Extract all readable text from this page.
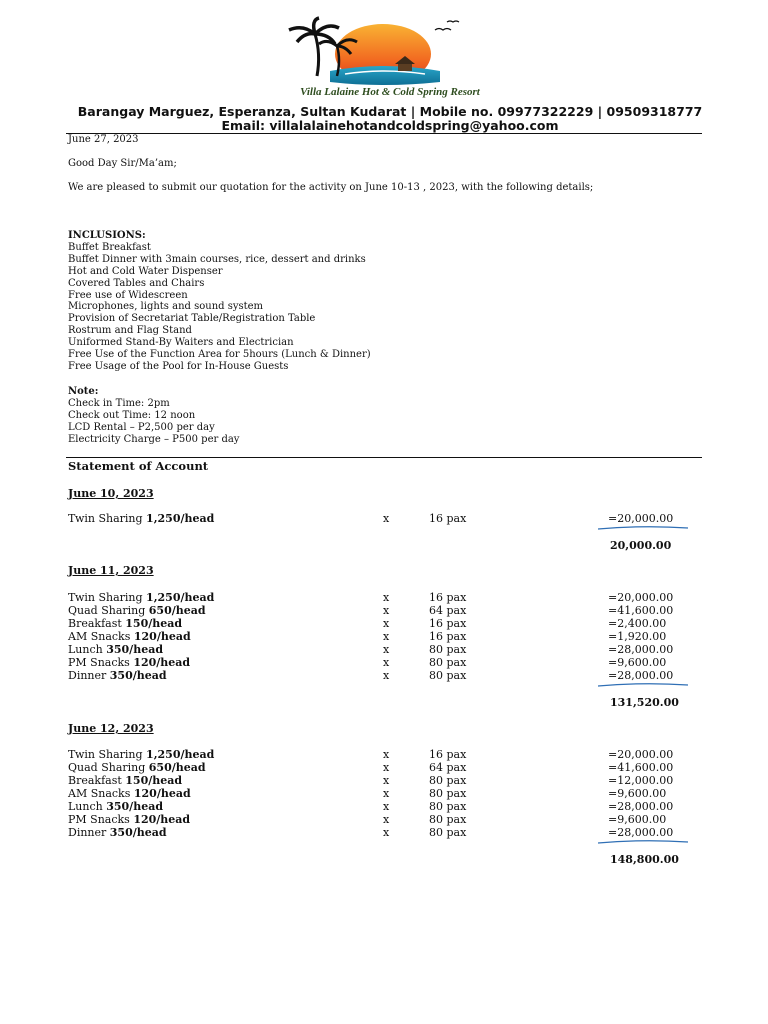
Villa Lalaine Hot & Cold Spring Resort
Barangay Marguez, Esperanza, Sultan Kudarat | Mobile no. 09977322229 | 09509318777
Email: villalalainehotandcoldspring@yahoo.com
June 27, 2023
Good Day Sir/Ma’am;
We are pleased to submit our quotation for the activity on June 10-13 , 2023, with the following details;
INCLUSIONS:
Buffet Breakfast
Buffet Dinner with 3main courses, rice, dessert and drinks
Hot and Cold Water Dispenser
Covered Tables and Chairs
Free use of Widescreen
Microphones, lights and sound system
Provision of Secretariat Table/Registration Table
Rostrum and Flag Stand
Uniformed Stand-By Waiters and Electrician
Free Use of the Function Area for 5hours (Lunch & Dinner)
Free Usage of the Pool for In-House Guests
Note:
Check in Time: 2pm
Check out Time: 12 noon
LCD Rental – P2,500 per day
Electricity Charge – P500 per day
Statement of Account
June 10, 2023
Twin Sharing 1,250/head	x	16 pax	=20,000.00
20,000.00
June 11, 2023
Twin Sharing 1,250/head	x	16 pax	=20,000.00
Quad Sharing 650/head	x	64 pax	=41,600.00
Breakfast 150/head	x	16 pax	=2,400.00
AM Snacks 120/head	x	16 pax	=1,920.00
Lunch 350/head	x	80 pax	=28,000.00
PM Snacks 120/head	x	80 pax	=9,600.00
Dinner 350/head	x	80 pax	=28,000.00
131,520.00
June 12, 2023
Twin Sharing 1,250/head	x	16 pax	=20,000.00
Quad Sharing 650/head	x	64 pax	=41,600.00
Breakfast 150/head	x	80 pax	=12,000.00
AM Snacks 120/head	x	80 pax	=9,600.00
Lunch 350/head	x	80 pax	=28,000.00
PM Snacks 120/head	x	80 pax	=9,600.00
Dinner 350/head	x	80 pax	=28,000.00
148,800.00
